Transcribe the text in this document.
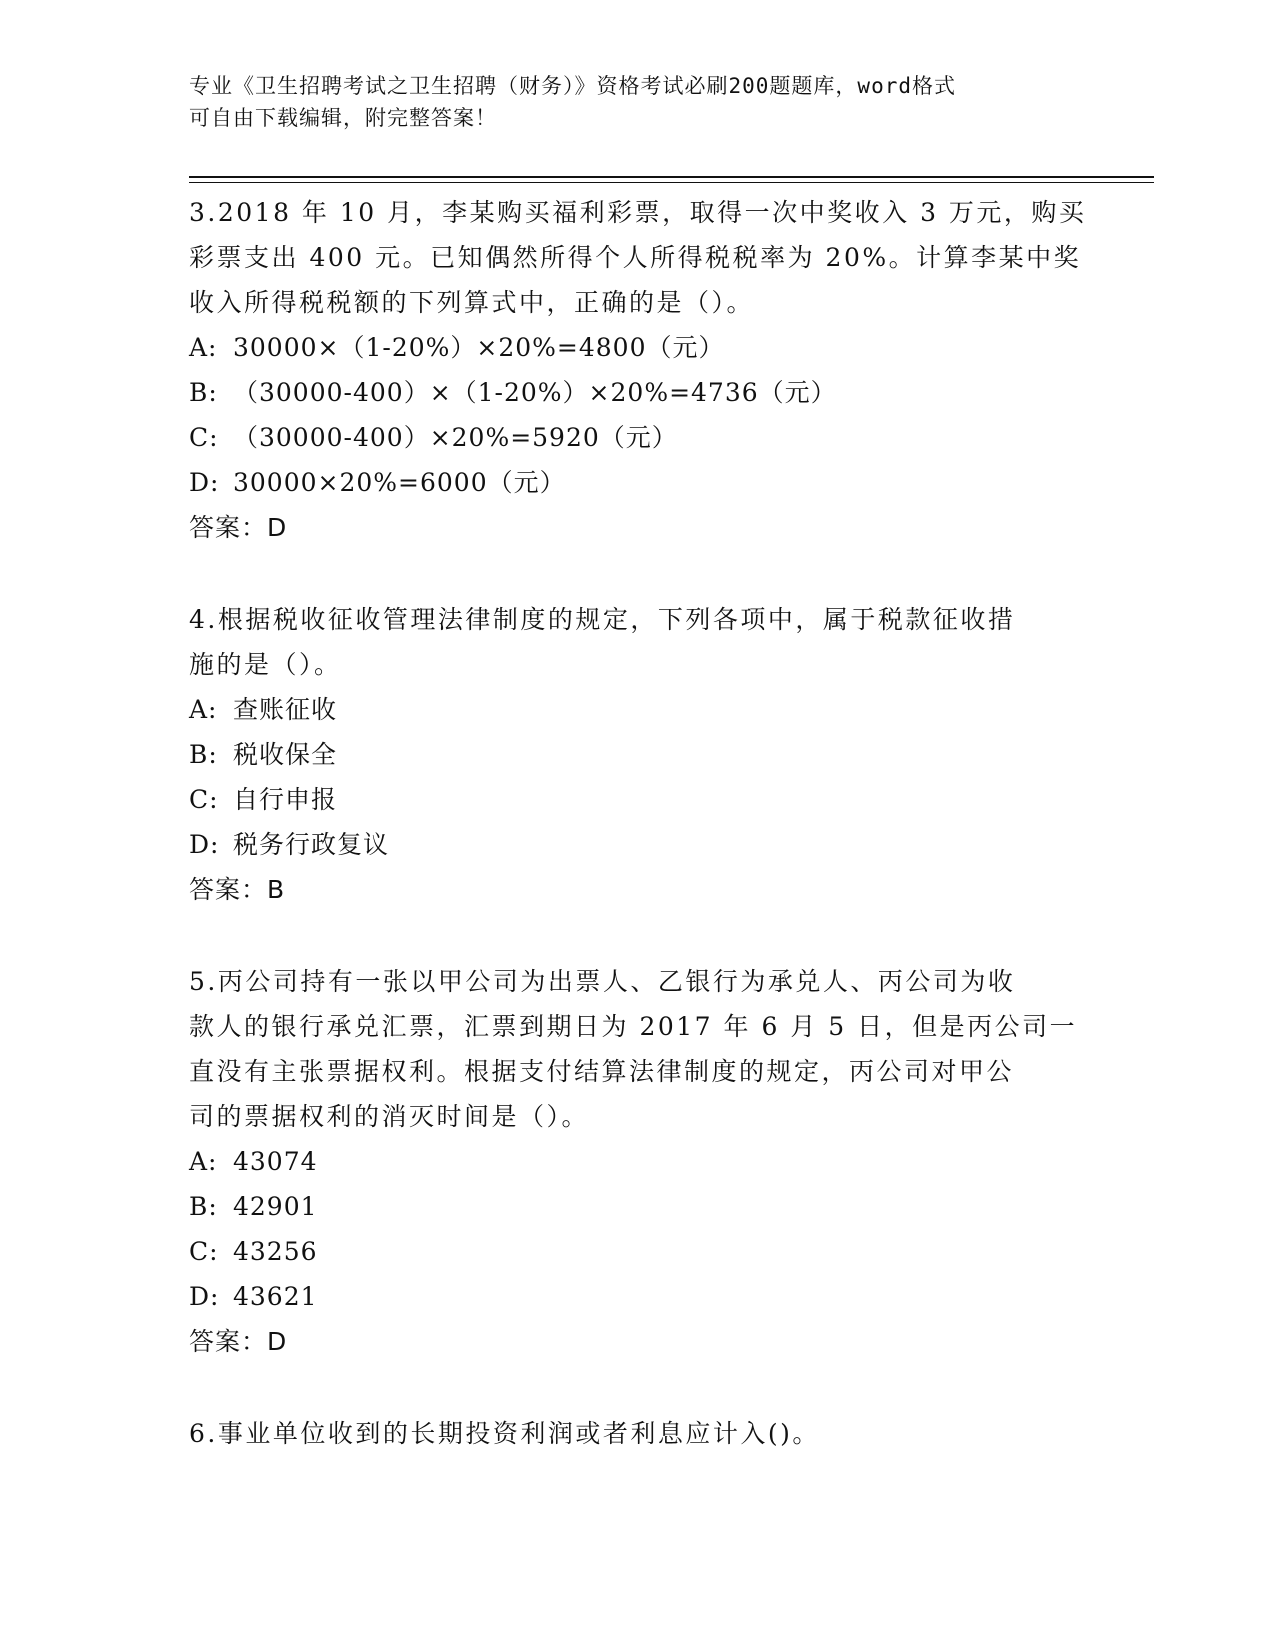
专业《卫生招聘考试之卫生招聘（财务）》资格考试必刷200题题库，word格式
可自由下载编辑，附完整答案！
3.2018 年 10 月，李某购买福利彩票，取得一次中奖收入 3 万元，购买
彩票支出 400 元。已知偶然所得个人所得税税率为 20%。计算李某中奖
收入所得税税额的下列算式中，正确的是（）。
A: 30000×（1-20%）×20%=4800（元）
B: （30000-400）×（1-20%）×20%=4736（元）
C: （30000-400）×20%=5920（元）
D: 30000×20%=6000（元）
答案：D
4.根据税收征收管理法律制度的规定，下列各项中，属于税款征收措
施的是（）。
A: 查账征收
B: 税收保全
C: 自行申报
D: 税务行政复议
答案：B
5.丙公司持有一张以甲公司为出票人、乙银行为承兑人、丙公司为收
款人的银行承兑汇票，汇票到期日为 2017 年 6 月 5 日，但是丙公司一
直没有主张票据权利。根据支付结算法律制度的规定，丙公司对甲公
司的票据权利的消灭时间是（）。
A: 43074
B: 42901
C: 43256
D: 43621
答案：D
6.事业单位收到的长期投资利润或者利息应计入()。
